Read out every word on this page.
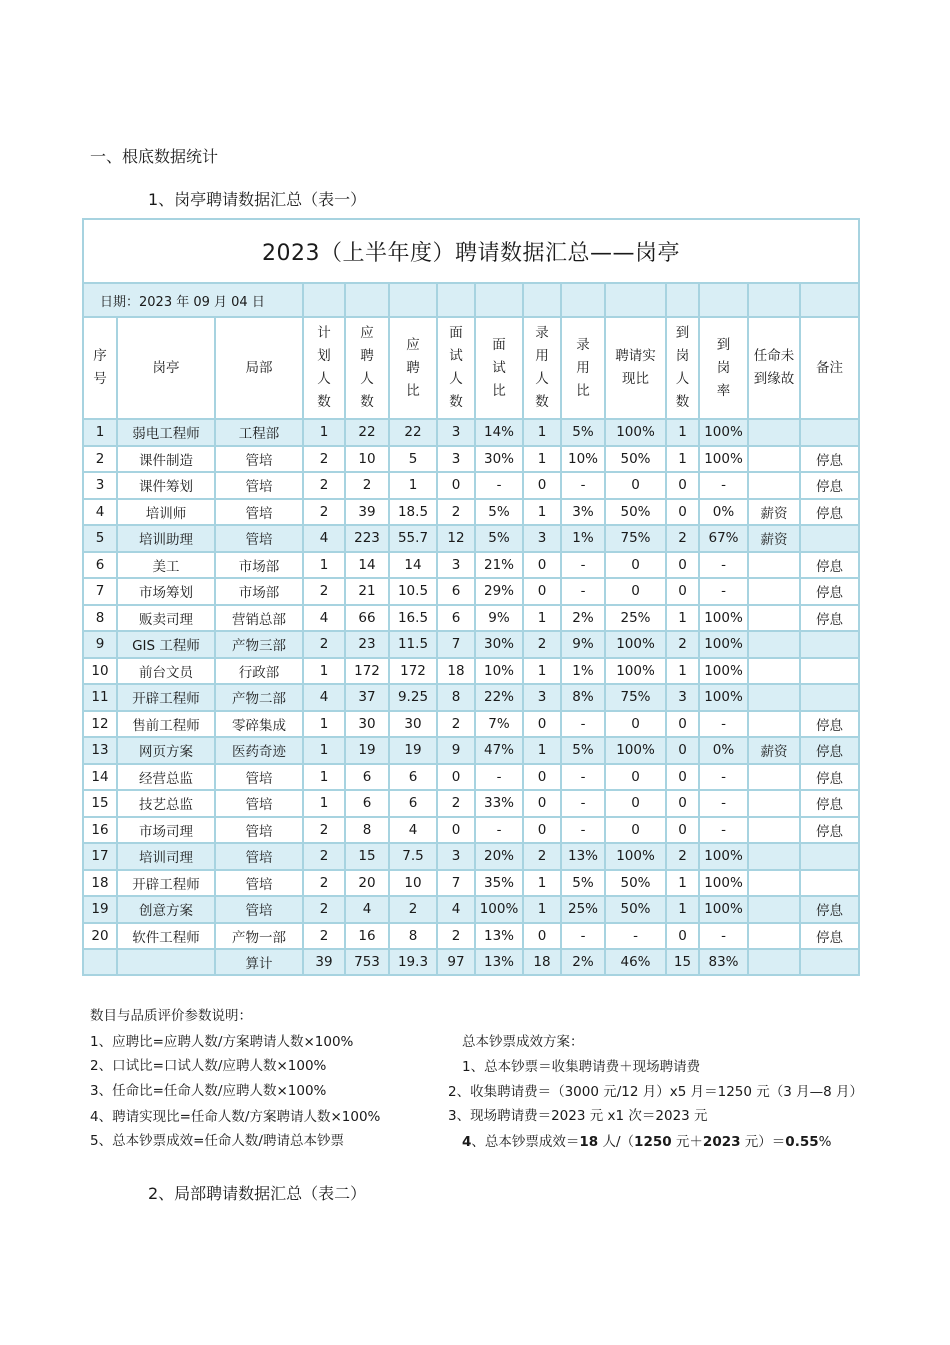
一、根底数据统计
1、岗亭聘请数据汇总（表一）
2023（上半年度）聘请数据汇总——岗亭														
日期：2023 年 09 月 04 日														
序号	岗亭	局部	计划人数	应聘人数	应聘比	面试人数	面试比	录用人数	录用比	聘请实现比	到岗人数	到岗率	任命未到缘故	备注
1	弱电工程师	工程部	1	22	22	3	14%	1	5%	100%	1	100%		
2	课件制造	管培	2	10	5	3	30%	1	10%	50%	1	100%		停息
3	课件筹划	管培	2	2	1	0	-	0	-	0	0	-		停息
4	培训师	管培	2	39	18.5	2	5%	1	3%	50%	0	0%	薪资	停息
5	培训助理	管培	4	223	55.7	12	5%	3	1%	75%	2	67%	薪资	
6	美工	市场部	1	14	14	3	21%	0	-	0	0	-		停息
7	市场筹划	市场部	2	21	10.5	6	29%	0	-	0	0	-		停息
8	贩卖司理	营销总部	4	66	16.5	6	9%	1	2%	25%	1	100%		停息
9	GIS 工程师	产物三部	2	23	11.5	7	30%	2	9%	100%	2	100%		
10	前台文员	行政部	1	172	172	18	10%	1	1%	100%	1	100%		
11	开辟工程师	产物二部	4	37	9.25	8	22%	3	8%	75%	3	100%		
12	售前工程师	零碎集成	1	30	30	2	7%	0	-	0	0	-		停息
13	网页方案	医药奇迹	1	19	19	9	47%	1	5%	100%	0	0%	薪资	停息
14	经营总监	管培	1	6	6	0	-	0	-	0	0	-		停息
15	技艺总监	管培	1	6	6	2	33%	0	-	0	0	-		停息
16	市场司理	管培	2	8	4	0	-	0	-	0	0	-		停息
17	培训司理	管培	2	15	7.5	3	20%	2	13%	100%	2	100%		
18	开辟工程师	管培	2	20	10	7	35%	1	5%	50%	1	100%		
19	创意方案	管培	2	4	2	4	100%	1	25%	50%	1	100%		停息
20	软件工程师	产物一部	2	16	8	2	13%	0	-	-	0	-		停息
		算计	39	753	19.3	97	13%	18	2%	46%	15	83%		
数目与品质评价参数说明：
1、应聘比=应聘人数/方案聘请人数×100%
2、口试比=口试人数/应聘人数×100%
3、任命比=任命人数/应聘人数×100%
4、聘请实现比=任命人数/方案聘请人数×100%
5、总本钞票成效=任命人数/聘请总本钞票
总本钞票成效方案：
1、总本钞票＝收集聘请费＋现场聘请费
2、收集聘请费＝（3000 元/12 月）x5 月＝1250 元（3 月—8 月）
3、现场聘请费＝2023 元 x1 次＝2023 元
4、总本钞票成效＝18 人/（1250 元＋2023 元）＝0.55%
2、局部聘请数据汇总（表二）
